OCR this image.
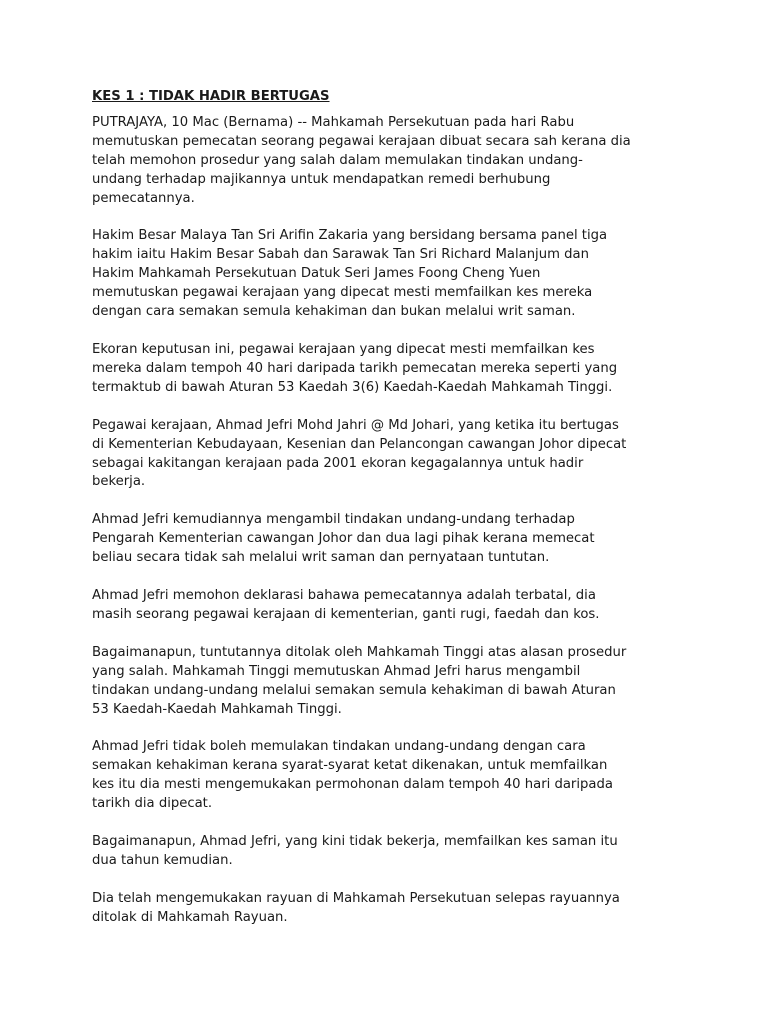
KES 1 : TIDAK HADIR BERTUGAS
PUTRAJAYA, 10 Mac (Bernama) -- Mahkamah Persekutuan pada hari Rabu
memutuskan pemecatan seorang pegawai kerajaan dibuat secara sah kerana dia
telah memohon prosedur yang salah dalam memulakan tindakan undang-
undang terhadap majikannya untuk mendapatkan remedi berhubung
pemecatannya.
Hakim Besar Malaya Tan Sri Arifin Zakaria yang bersidang bersama panel tiga
hakim iaitu Hakim Besar Sabah dan Sarawak Tan Sri Richard Malanjum dan
Hakim Mahkamah Persekutuan Datuk Seri James Foong Cheng Yuen
memutuskan pegawai kerajaan yang dipecat mesti memfailkan kes mereka
dengan cara semakan semula kehakiman dan bukan melalui writ saman.
Ekoran keputusan ini, pegawai kerajaan yang dipecat mesti memfailkan kes
mereka dalam tempoh 40 hari daripada tarikh pemecatan mereka seperti yang
termaktub di bawah Aturan 53 Kaedah 3(6) Kaedah-Kaedah Mahkamah Tinggi.
Pegawai kerajaan, Ahmad Jefri Mohd Jahri @ Md Johari, yang ketika itu bertugas
di Kementerian Kebudayaan, Kesenian dan Pelancongan cawangan Johor dipecat
sebagai kakitangan kerajaan pada 2001 ekoran kegagalannya untuk hadir
bekerja.
Ahmad Jefri kemudiannya mengambil tindakan undang-undang terhadap
Pengarah Kementerian cawangan Johor dan dua lagi pihak kerana memecat
beliau secara tidak sah melalui writ saman dan pernyataan tuntutan.
Ahmad Jefri memohon deklarasi bahawa pemecatannya adalah terbatal, dia
masih seorang pegawai kerajaan di kementerian, ganti rugi, faedah dan kos.
Bagaimanapun, tuntutannya ditolak oleh Mahkamah Tinggi atas alasan prosedur
yang salah. Mahkamah Tinggi memutuskan Ahmad Jefri harus mengambil
tindakan undang-undang melalui semakan semula kehakiman di bawah Aturan
53 Kaedah-Kaedah Mahkamah Tinggi.
Ahmad Jefri tidak boleh memulakan tindakan undang-undang dengan cara
semakan kehakiman kerana syarat-syarat ketat dikenakan, untuk memfailkan
kes itu dia mesti mengemukakan permohonan dalam tempoh 40 hari daripada
tarikh dia dipecat.
Bagaimanapun, Ahmad Jefri, yang kini tidak bekerja, memfailkan kes saman itu
dua tahun kemudian.
Dia telah mengemukakan rayuan di Mahkamah Persekutuan selepas rayuannya
ditolak di Mahkamah Rayuan.
